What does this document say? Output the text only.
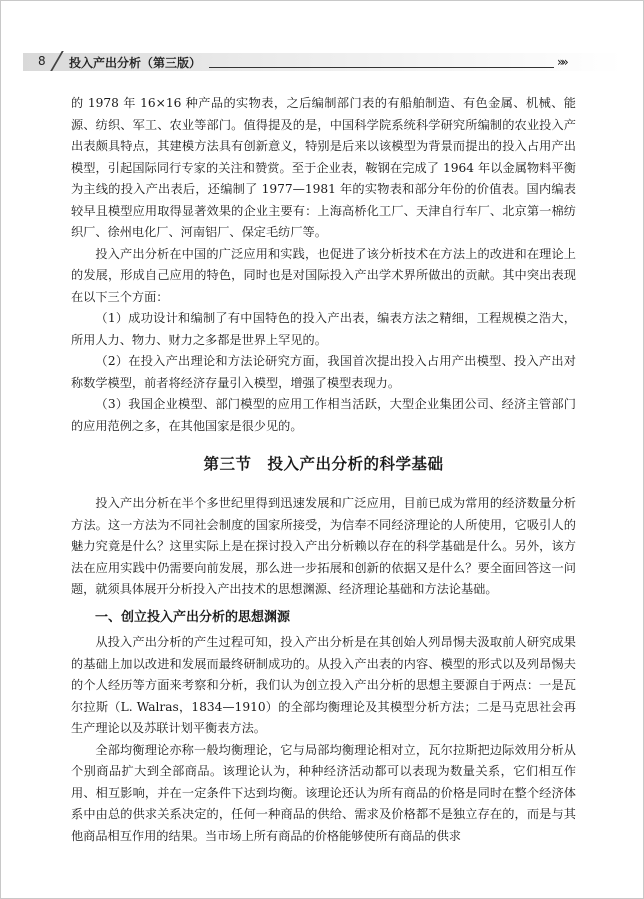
8 投入产出分析（第三版）	»»

的 1978 年 16×16 种产品的实物表，之后编制部门表的有船舶制造、有色金属、机械、能源、纺织、军工、农业等部门。值得提及的是，中国科学院系统科学研究所编制的农业投入产出表颇具特点，其建模方法具有创新意义，特别是后来以该模型为背景而提出的投入占用产出模型，引起国际同行专家的关注和赞赏。至于企业表，鞍钢在完成了 1964 年以金属物料平衡为主线的投入产出表后，还编制了 1977—1981 年的实物表和部分年份的价值表。国内编表较早且模型应用取得显著效果的企业主要有：上海高桥化工厂、天津自行车厂、北京第一棉纺织厂、徐州电化厂、河南铝厂、保定毛纺厂等。

投入产出分析在中国的广泛应用和实践，也促进了该分析技术在方法上的改进和在理论上的发展，形成自己应用的特色，同时也是对国际投入产出学术界所做出的贡献。其中突出表现在以下三个方面：

（1）成功设计和编制了有中国特色的投入产出表，编表方法之精细，工程规模之浩大，所用人力、物力、财力之多都是世界上罕见的。

（2）在投入产出理论和方法论研究方面，我国首次提出投入占用产出模型、投入产出对称数学模型，前者将经济存量引入模型，增强了模型表现力。

（3）我国企业模型、部门模型的应用工作相当活跃，大型企业集团公司、经济主管部门的应用范例之多，在其他国家是很少见的。

第三节　投入产出分析的科学基础

投入产出分析在半个多世纪里得到迅速发展和广泛应用，目前已成为常用的经济数量分析方法。这一方法为不同社会制度的国家所接受，为信奉不同经济理论的人所使用，它吸引人的魅力究竟是什么？这里实际上是在探讨投入产出分析赖以存在的科学基础是什么。另外，该方法在应用实践中仍需要向前发展，那么进一步拓展和创新的依据又是什么？要全面回答这一问题，就须具体展开分析投入产出技术的思想渊源、经济理论基础和方法论基础。

一、创立投入产出分析的思想渊源

从投入产出分析的产生过程可知，投入产出分析是在其创始人列昂惕夫汲取前人研究成果的基础上加以改进和发展而最终研制成功的。从投入产出表的内容、模型的形式以及列昂惕夫的个人经历等方面来考察和分析，我们认为创立投入产出分析的思想主要源自于两点：一是瓦尔拉斯（L. Walras，1834—1910）的全部均衡理论及其模型分析方法；二是马克思社会再生产理论以及苏联计划平衡表方法。

全部均衡理论亦称一般均衡理论，它与局部均衡理论相对立，瓦尔拉斯把边际效用分析从个别商品扩大到全部商品。该理论认为，种种经济活动都可以表现为数量关系，它们相互作用、相互影响，并在一定条件下达到均衡。该理论还认为所有商品的价格是同时在整个经济体系中由总的供求关系决定的，任何一种商品的供给、需求及价格都不是独立存在的，而是与其他商品相互作用的结果。当市场上所有商品的价格能够使所有商品的供求
